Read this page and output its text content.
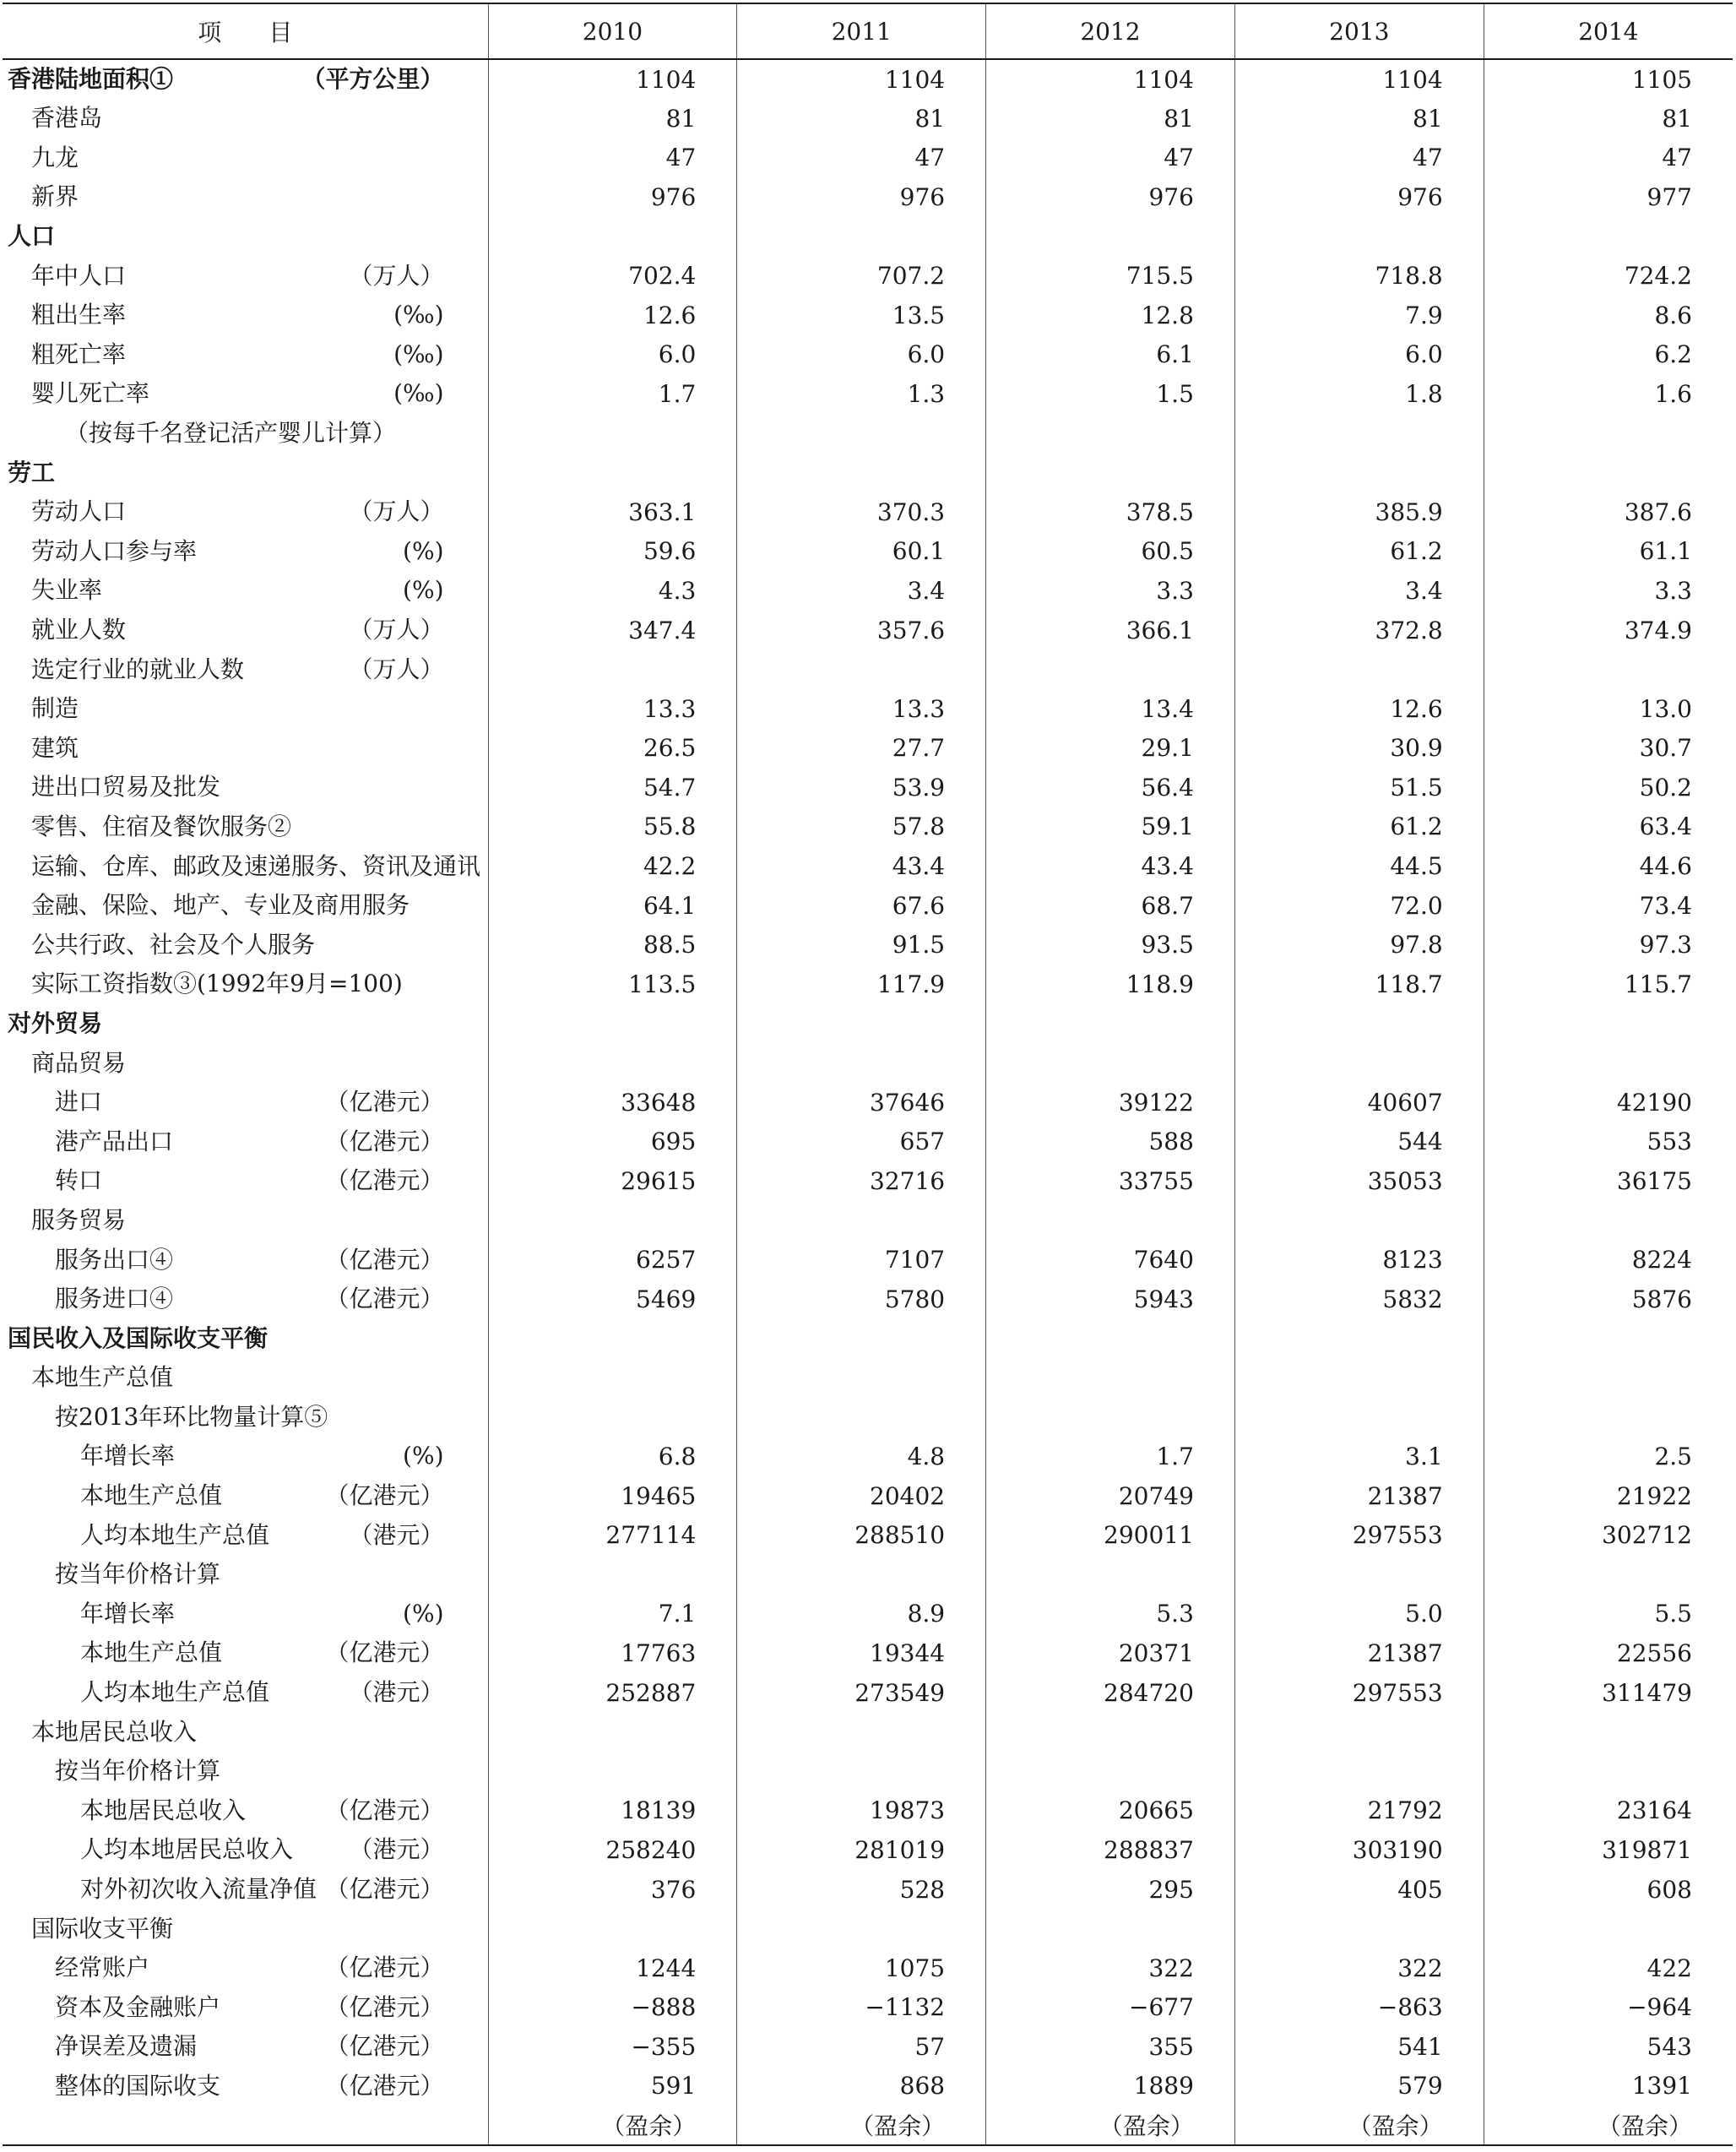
项　　目	2010	2011	2012	2013	2014

香港陆地面积① （平方公里）	1104	1104	1104	1104	1105

香港岛	81	81	81	81	81

九龙	47	47	47	47	47

新界	976	976	976	976	977

人口					

年中人口 （万人）	702.4	707.2	715.5	718.8	724.2

粗出生率 (‰)	12.6	13.5	12.8	7.9	8.6

粗死亡率 (‰)	6.0	6.0	6.1	6.0	6.2

婴儿死亡率 (‰)	1.7	1.3	1.5	1.8	1.6

（按每千名登记活产婴儿计算）					

劳工					

劳动人口 （万人）	363.1	370.3	378.5	385.9	387.6

劳动人口参与率 (%)	59.6	60.1	60.5	61.2	61.1

失业率 (%)	4.3	3.4	3.3	3.4	3.3

就业人数 （万人）	347.4	357.6	366.1	372.8	374.9

选定行业的就业人数 （万人）					

制造	13.3	13.3	13.4	12.6	13.0

建筑	26.5	27.7	29.1	30.9	30.7

进出口贸易及批发	54.7	53.9	56.4	51.5	50.2

零售、住宿及餐饮服务②	55.8	57.8	59.1	61.2	63.4

运输、仓库、邮政及速递服务、资讯及通讯	42.2	43.4	43.4	44.5	44.6

金融、保险、地产、专业及商用服务	64.1	67.6	68.7	72.0	73.4

公共行政、社会及个人服务	88.5	91.5	93.5	97.8	97.3

实际工资指数③(1992年9月=100)	113.5	117.9	118.9	118.7	115.7

对外贸易					

商品贸易					

进口 （亿港元）	33648	37646	39122	40607	42190

港产品出口 （亿港元）	695	657	588	544	553

转口 （亿港元）	29615	32716	33755	35053	36175

服务贸易					

服务出口④ （亿港元）	6257	7107	7640	8123	8224

服务进口④ （亿港元）	5469	5780	5943	5832	5876

国民收入及国际收支平衡					

本地生产总值					

按2013年环比物量计算⑤					

年增长率 (%)	6.8	4.8	1.7	3.1	2.5

本地生产总值 （亿港元）	19465	20402	20749	21387	21922

人均本地生产总值 （港元）	277114	288510	290011	297553	302712

按当年价格计算					

年增长率 (%)	7.1	8.9	5.3	5.0	5.5

本地生产总值 （亿港元）	17763	19344	20371	21387	22556

人均本地生产总值 （港元）	252887	273549	284720	297553	311479

本地居民总收入					

按当年价格计算					

本地居民总收入 （亿港元）	18139	19873	20665	21792	23164

人均本地居民总收入 （港元）	258240	281019	288837	303190	319871

对外初次收入流量净值 （亿港元）	376	528	295	405	608

国际收支平衡					

经常账户 （亿港元）	1244	1075	322	322	422

资本及金融账户 （亿港元）	−888	−1132	−677	−863	−964

净误差及遗漏 （亿港元）	−355	57	355	541	543

整体的国际收支 （亿港元）	591	868	1889	579	1391

	（盈余）	（盈余）	（盈余）	（盈余）	（盈余）
